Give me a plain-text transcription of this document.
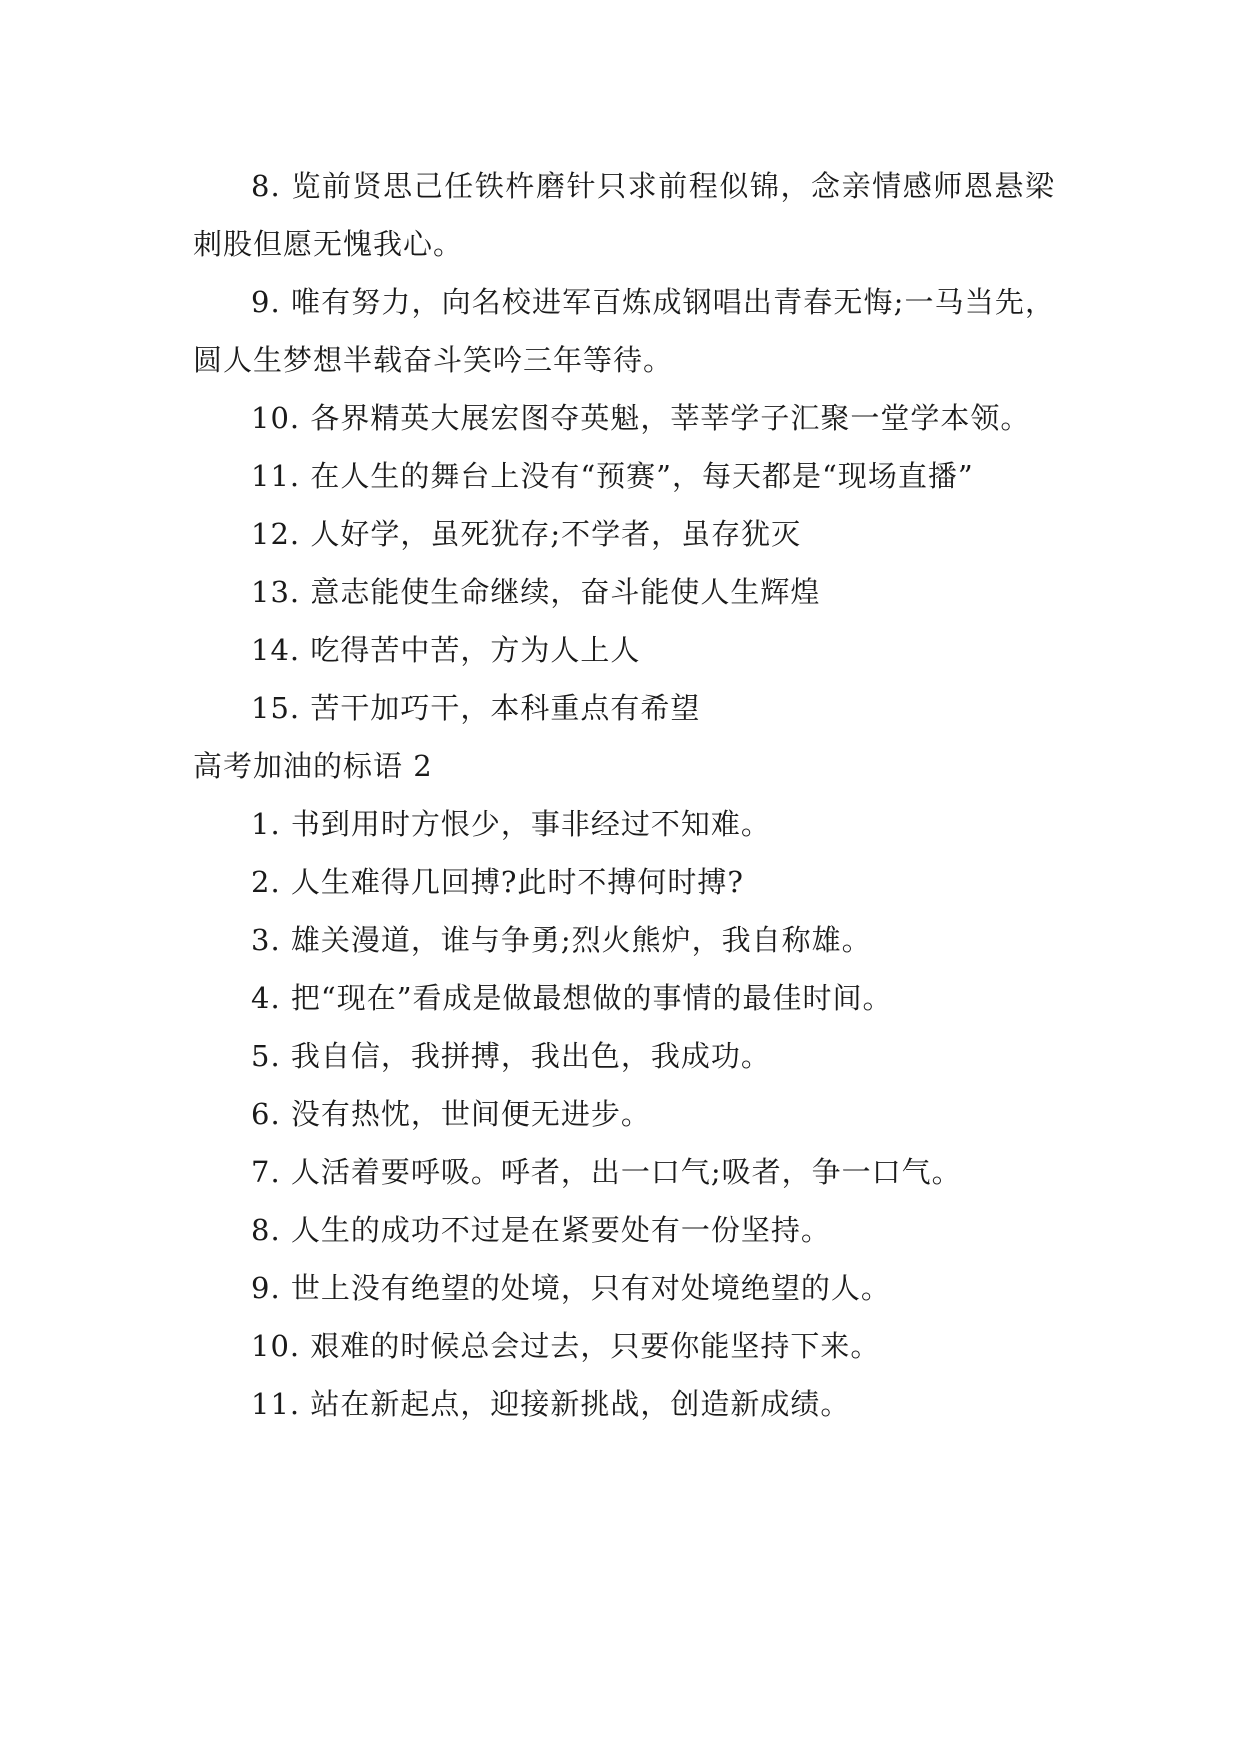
8. 览前贤思己任铁杵磨针只求前程似锦，念亲情感师恩悬梁刺股但愿无愧我心。

9. 唯有努力，向名校进军百炼成钢唱出青春无悔;一马当先，圆人生梦想半载奋斗笑吟三年等待。

10. 各界精英大展宏图夺英魁，莘莘学子汇聚一堂学本领。

11. 在人生的舞台上没有“预赛”，每天都是“现场直播”

12. 人好学，虽死犹存;不学者，虽存犹灭

13. 意志能使生命继续，奋斗能使人生辉煌

14. 吃得苦中苦，方为人上人

15. 苦干加巧干，本科重点有希望

高考加油的标语 2

1. 书到用时方恨少，事非经过不知难。

2. 人生难得几回搏?此时不搏何时搏?

3. 雄关漫道，谁与争勇;烈火熊炉，我自称雄。

4. 把“现在”看成是做最想做的事情的最佳时间。

5. 我自信，我拼搏，我出色，我成功。

6. 没有热忱，世间便无进步。

7. 人活着要呼吸。呼者，出一口气;吸者，争一口气。

8. 人生的成功不过是在紧要处有一份坚持。

9. 世上没有绝望的处境，只有对处境绝望的人。

10. 艰难的时候总会过去，只要你能坚持下来。

11. 站在新起点，迎接新挑战，创造新成绩。
